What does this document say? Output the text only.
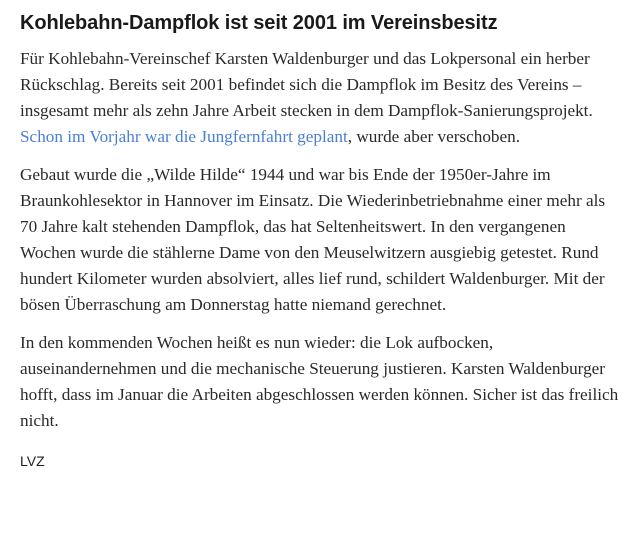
Kohlebahn-Dampflok ist seit 2001 im Vereinsbesitz

Für Kohlebahn-Vereinschef Karsten Waldenburger und das Lokpersonal ein herber Rückschlag. Bereits seit 2001 befindet sich die Dampflok im Besitz des Vereins – insgesamt mehr als zehn Jahre Arbeit stecken in dem Dampflok-Sanierungsprojekt. Schon im Vorjahr war die Jungfernfahrt geplant, wurde aber verschoben.

Gebaut wurde die „Wilde Hilde“ 1944 und war bis Ende der 1950er-Jahre im Braunkohlesektor in Hannover im Einsatz. Die Wiederinbetriebnahme einer mehr als 70 Jahre kalt stehenden Dampflok, das hat Seltenheitswert. In den vergangenen Wochen wurde die stählerne Dame von den Meuselwitzern ausgiebig getestet. Rund hundert Kilometer wurden absolviert, alles lief rund, schildert Waldenburger. Mit der bösen Überraschung am Donnerstag hatte niemand gerechnet.

In den kommenden Wochen heißt es nun wieder: die Lok aufbocken, auseinandernehmen und die mechanische Steuerung justieren. Karsten Waldenburger hofft, dass im Januar die Arbeiten abgeschlossen werden können. Sicher ist das freilich nicht.

LVZ
